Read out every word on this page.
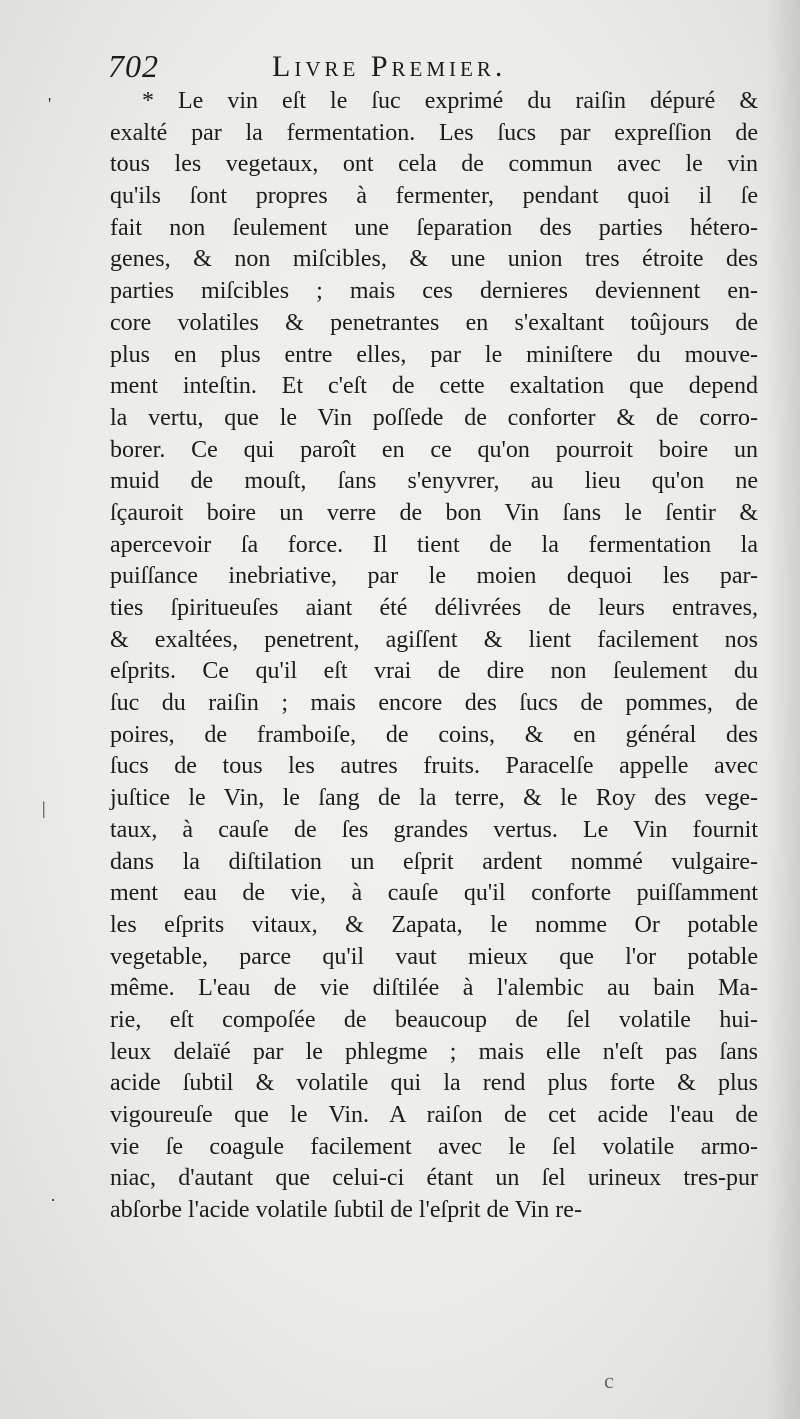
702	Livre Premier.
* Le vin eſt le ſuc exprimé du raiſin dépuré &
exalté par la fermentation. Les ſucs par expreſſion de
tous les vegetaux, ont cela de commun avec le vin
qu'ils ſont propres à fermenter, pendant quoi il ſe
fait non ſeulement une ſeparation des parties hétero-
genes, & non miſcibles, & une union tres étroite des
parties miſcibles ; mais ces dernieres deviennent en-
core volatiles & penetrantes en s'exaltant toûjours de
plus en plus entre elles, par le miniſtere du mouve-
ment inteſtin. Et c'eſt de cette exaltation que depend
la vertu, que le Vin poſſede de conforter & de corro-
borer. Ce qui paroît en ce qu'on pourroit boire un
muid de mouſt, ſans s'enyvrer, au lieu qu'on ne
ſçauroit boire un verre de bon Vin ſans le ſentir &
apercevoir ſa force. Il tient de la fermentation la
puiſſance inebriative, par le moien dequoi les par-
ties ſpiritueuſes aiant été délivrées de leurs entraves,
& exaltées, penetrent, agiſſent & lient facilement nos
eſprits. Ce qu'il eſt vrai de dire non ſeulement du
ſuc du raiſin ; mais encore des ſucs de pommes, de
poires, de framboiſe, de coins, & en général des
ſucs de tous les autres fruits. Paracelſe appelle avec
juſtice le Vin, le ſang de la terre, & le Roy des vege-
taux, à cauſe de ſes grandes vertus. Le Vin fournit
dans la diſtilation un eſprit ardent nommé vulgaire-
ment eau de vie, à cauſe qu'il conforte puiſſamment
les eſprits vitaux, & Zapata, le nomme Or potable
vegetable, parce qu'il vaut mieux que l'or potable
même. L'eau de vie diſtilée à l'alembic au bain Ma-
rie, eſt compoſée de beaucoup de ſel volatile hui-
leux delaïé par le phlegme ; mais elle n'eſt pas ſans
acide ſubtil & volatile qui la rend plus forte & plus
vigoureuſe que le Vin. A raiſon de cet acide l'eau de
vie ſe coagule facilement avec le ſel volatile armo-
niac, d'autant que celui-ci étant un ſel urineux tres-pur
abſorbe l'acide volatile ſubtil de l'eſprit de Vin re-
'
|
·
c
